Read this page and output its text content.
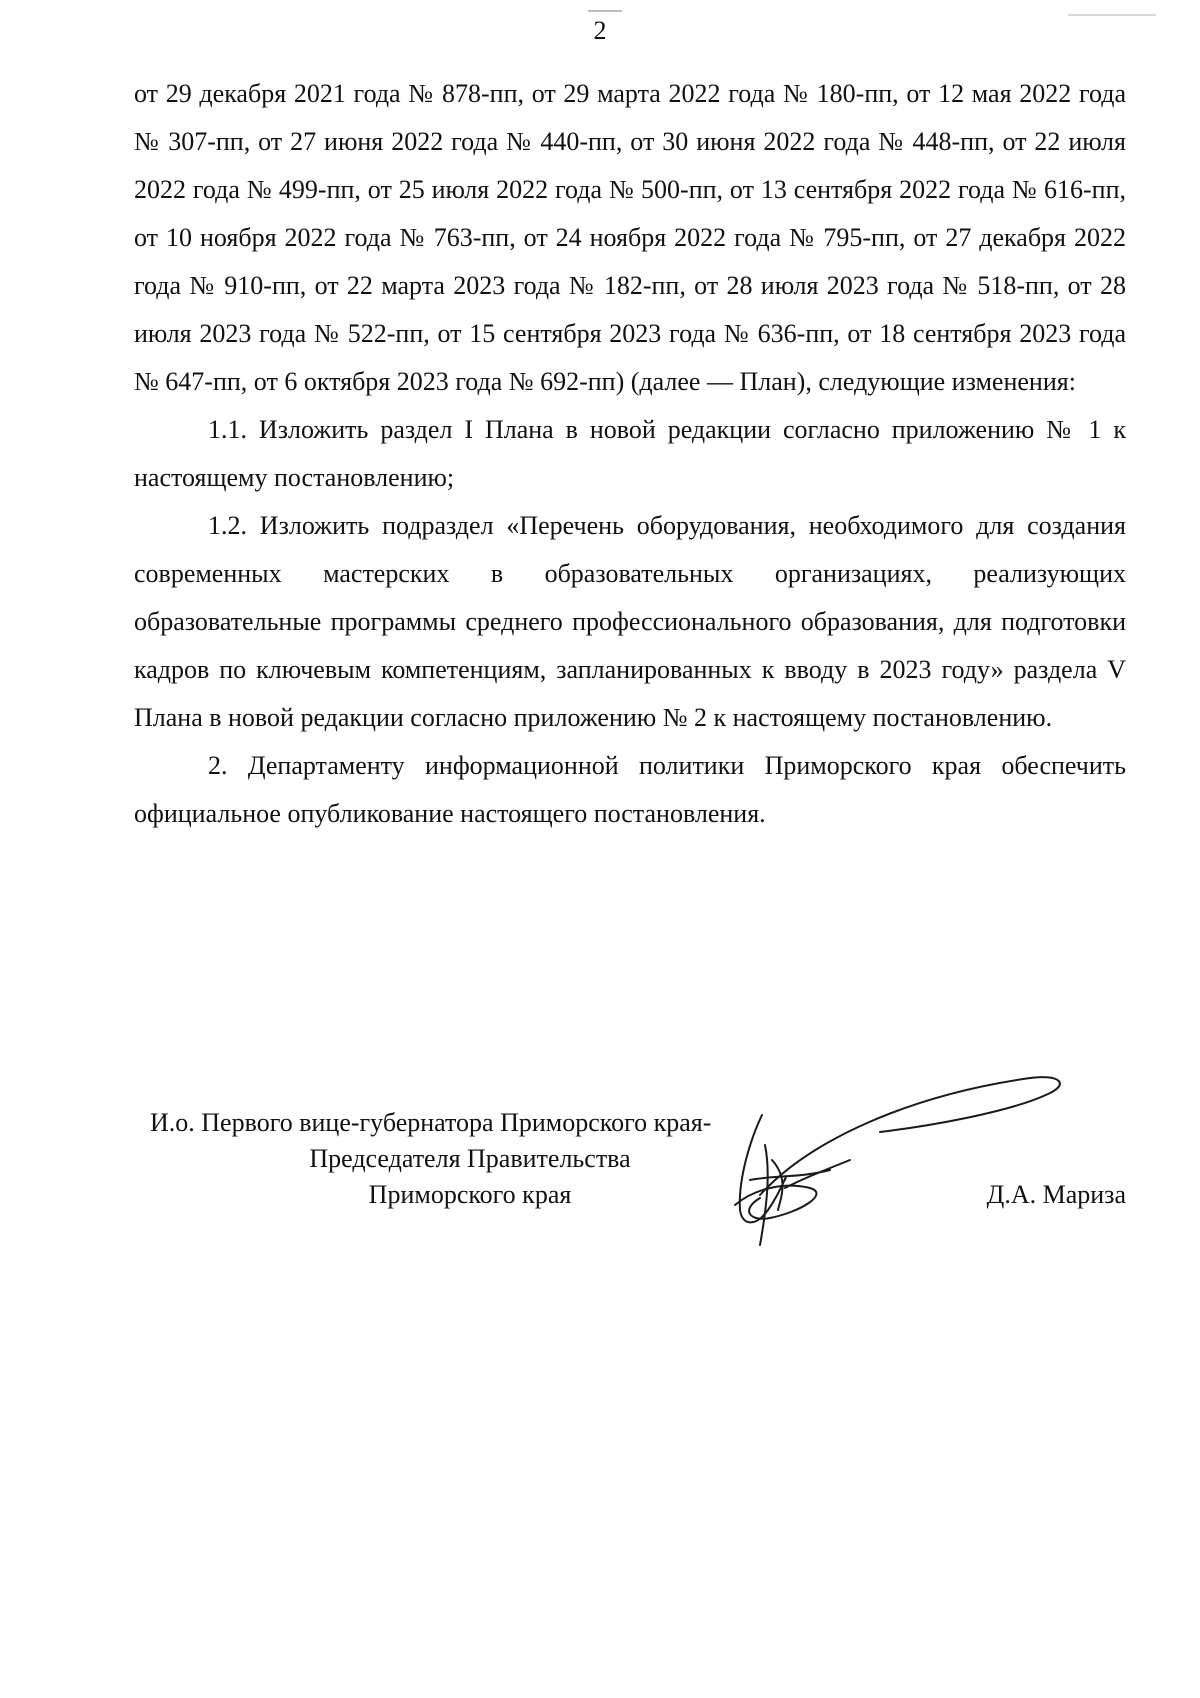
2

от 29 декабря 2021 года № 878-пп, от 29 марта 2022 года № 180-пп, от 12 мая 2022 года № 307-пп, от 27 июня 2022 года № 440-пп, от 30 июня 2022 года № 448-пп, от 22 июля 2022 года № 499-пп, от 25 июля 2022 года № 500-пп, от 13 сентября 2022 года № 616-пп, от 10 ноября 2022 года № 763-пп, от 24 ноября 2022 года № 795-пп, от 27 декабря 2022 года № 910-пп, от 22 марта 2023 года № 182-пп, от 28 июля 2023 года № 518-пп, от 28 июля 2023 года № 522-пп, от 15 сентября 2023 года № 636-пп, от 18 сентября 2023 года № 647-пп, от 6 октября 2023 года № 692-пп) (далее — План), следующие изменения:

1.1. Изложить раздел I Плана в новой редакции согласно приложению № 1 к настоящему постановлению;

1.2. Изложить подраздел «Перечень оборудования, необходимого для создания современных мастерских в образовательных организациях, реализующих образовательные программы среднего профессионального образования, для подготовки кадров по ключевым компетенциям, запланированных к вводу в 2023 году» раздела V Плана в новой редакции согласно приложению № 2 к настоящему постановлению.

2. Департаменту информационной политики Приморского края обеспечить официальное опубликование настоящего постановления.

И.о. Первого вице-губернатора Приморского края-
Председателя Правительства
Приморского края	Д.А. Мариза
